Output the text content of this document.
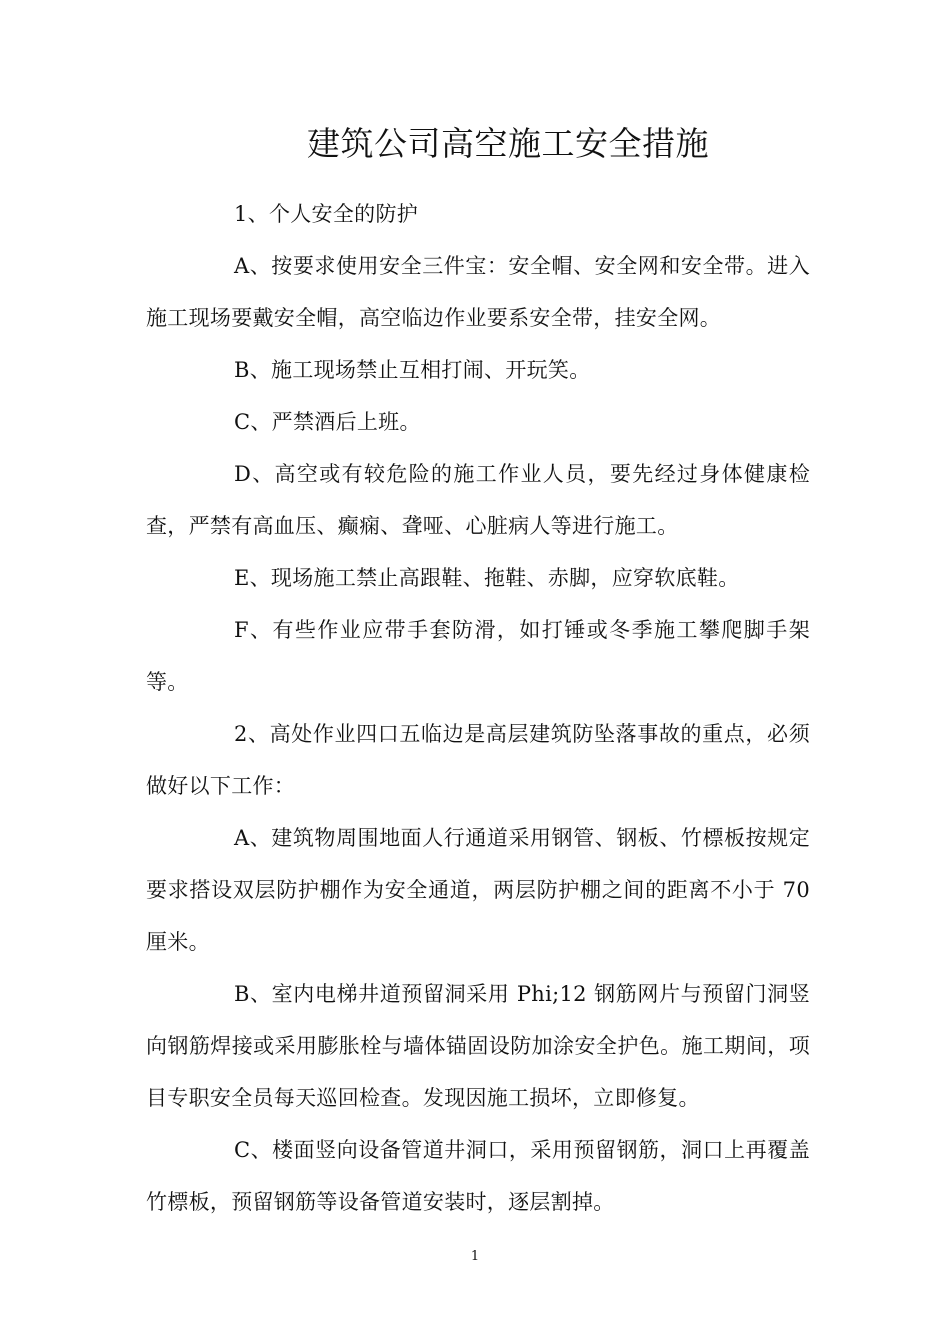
建筑公司高空施工安全措施

1、个人安全的防护

A、按要求使用安全三件宝：安全帽、安全网和安全带。进入施工现场要戴安全帽，高空临边作业要系安全带，挂安全网。

B、施工现场禁止互相打闹、开玩笑。

C、严禁酒后上班。

D、高空或有较危险的施工作业人员，要先经过身体健康检查，严禁有高血压、癫痫、聋哑、心脏病人等进行施工。

E、现场施工禁止高跟鞋、拖鞋、赤脚，应穿软底鞋。

F、有些作业应带手套防滑，如打锤或冬季施工攀爬脚手架等。

2、高处作业四口五临边是高层建筑防坠落事故的重点，必须做好以下工作：

A、建筑物周围地面人行通道采用钢管、钢板、竹標板按规定要求搭设双层防护棚作为安全通道，两层防护棚之间的距离不小于 70 厘米。

B、室内电梯井道预留洞采用 Phi;12 钢筋网片与预留门洞竖向钢筋焊接或采用膨胀栓与墙体锚固设防加涂安全护色。施工期间，项目专职安全员每天巡回检查。发现因施工损坏，立即修复。

C、楼面竖向设备管道井洞口，采用预留钢筋，洞口上再覆盖竹標板，预留钢筋等设备管道安装时，逐层割掉。

1
